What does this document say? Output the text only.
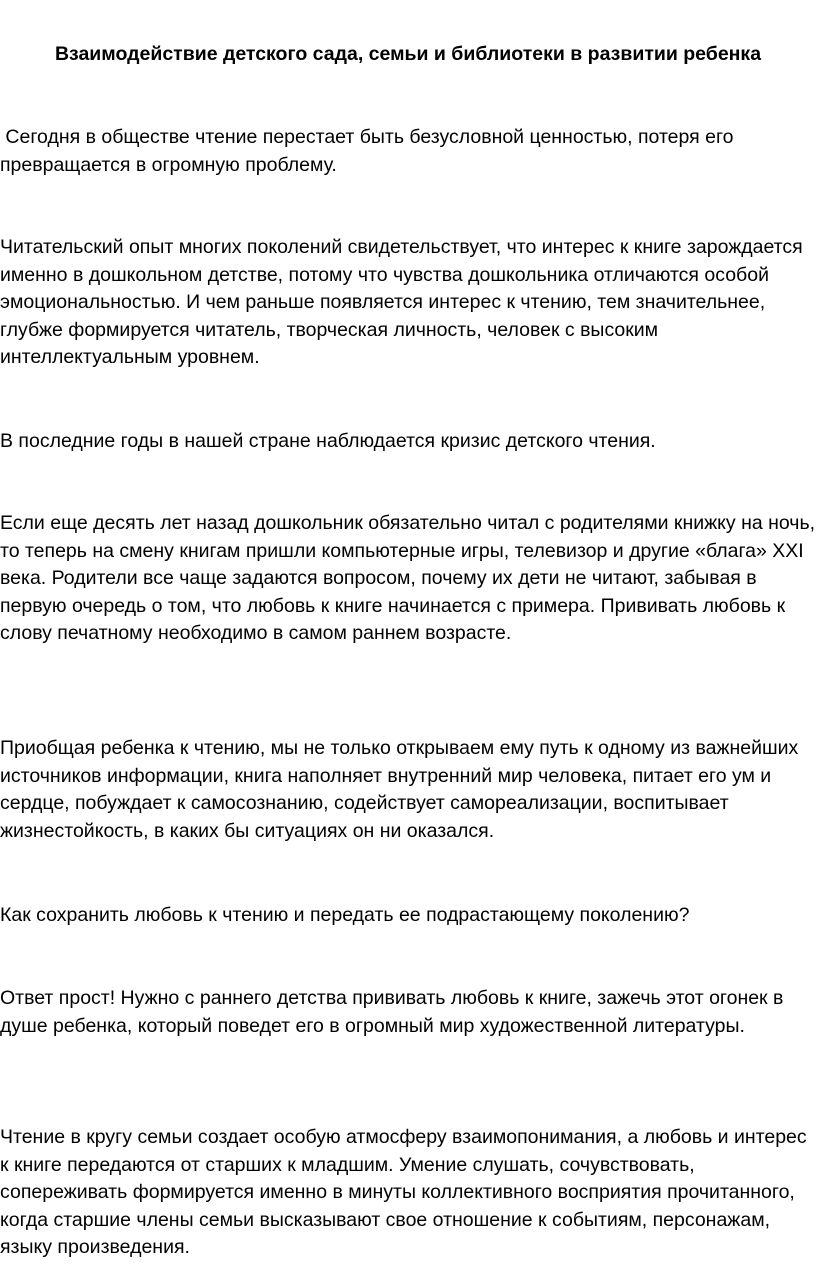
Взаимодействие детского сада, семьи и библиотеки в развитии ребенка

Сегодня в обществе чтение перестает быть безусловной ценностью, потеря его превращается в огромную проблему.

Читательский опыт многих поколений свидетельствует, что интерес к книге зарождается именно в дошкольном детстве, потому что чувства дошкольника отличаются особой эмоциональностью. И чем раньше появляется интерес к чтению, тем значительнее, глубже формируется читатель, творческая личность, человек с высоким интеллектуальным уровнем.

В последние годы в нашей стране наблюдается кризис детского чтения.

Если еще десять лет назад дошкольник обязательно читал с родителями книжку на ночь, то теперь на смену книгам пришли компьютерные игры, телевизор и другие «блага» XXI века. Родители все чаще задаются вопросом, почему их дети не читают, забывая в первую очередь о том, что любовь к книге начинается с примера. Прививать любовь к слову печатному необходимо в самом раннем возрасте.

Приобщая ребенка к чтению, мы не только открываем ему путь к одному из важнейших источников информации, книга наполняет внутренний мир человека, питает его ум и сердце, побуждает к самосознанию, содействует самореализации, воспитывает жизнестойкость, в каких бы ситуациях он ни оказался.

Как сохранить любовь к чтению и передать ее подрастающему поколению?

Ответ прост! Нужно с раннего детства прививать любовь к книге, зажечь этот огонек в душе ребенка, который поведет его в огромный мир художественной литературы.

Чтение в кругу семьи создает особую атмосферу взаимопонимания, а любовь и интерес к книге передаются от старших к младшим. Умение слушать, сочувствовать, сопереживать формируется именно в минуты коллективного восприятия прочитанного, когда старшие члены семьи высказывают свое отношение к событиям, персонажам, языку произведения.
